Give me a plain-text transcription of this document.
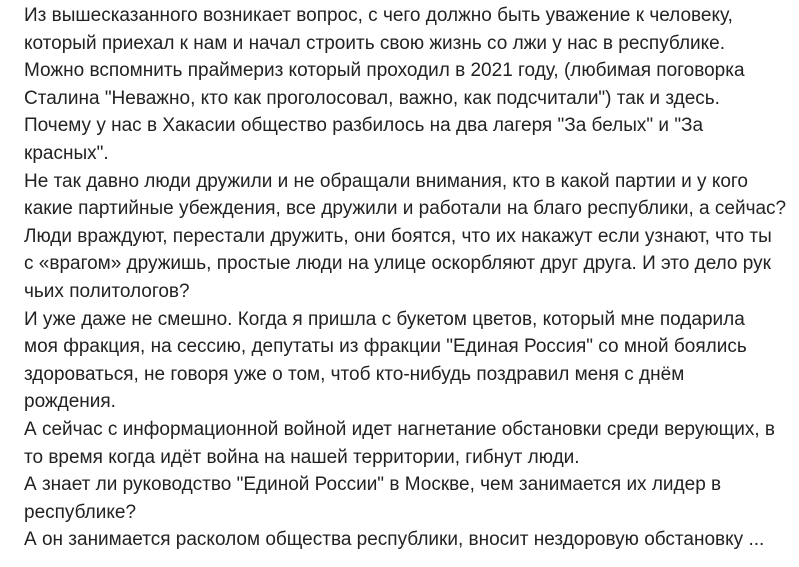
Из вышесказанного возникает вопрос, с чего должно быть уважение к человеку,
который приехал к нам и начал строить свою жизнь со лжи у нас в республике.
Можно вспомнить праймериз который проходил в 2021 году, (любимая поговорка
Сталина "Неважно, кто как проголосовал, важно, как подсчитали") так и здесь.
Почему у нас в Хакасии общество разбилось на два лагеря "За белых" и "За
красных".
Не так давно люди дружили и не обращали внимания, кто в какой партии и у кого
какие партийные убеждения, все дружили и работали на благо республики, а сейчас?
Люди враждуют, перестали дружить, они боятся, что их накажут если узнают, что ты
с «врагом» дружишь, простые люди на улице оскорбляют друг друга. И это дело рук
чьих политологов?
И уже даже не смешно. Когда я пришла с букетом цветов, который мне подарила
моя фракция, на сессию, депутаты из фракции "Единая Россия" со мной боялись
здороваться, не говоря уже о том, чтоб кто-нибудь поздравил меня с днём
рождения.
А сейчас с информационной войной идет нагнетание обстановки среди верующих, в
то время когда идёт война на нашей территории, гибнут люди.
А знает ли руководство "Единой России" в Москве, чем занимается их лидер в
республике?
А он занимается расколом общества республики, вносит нездоровую обстановку ...
